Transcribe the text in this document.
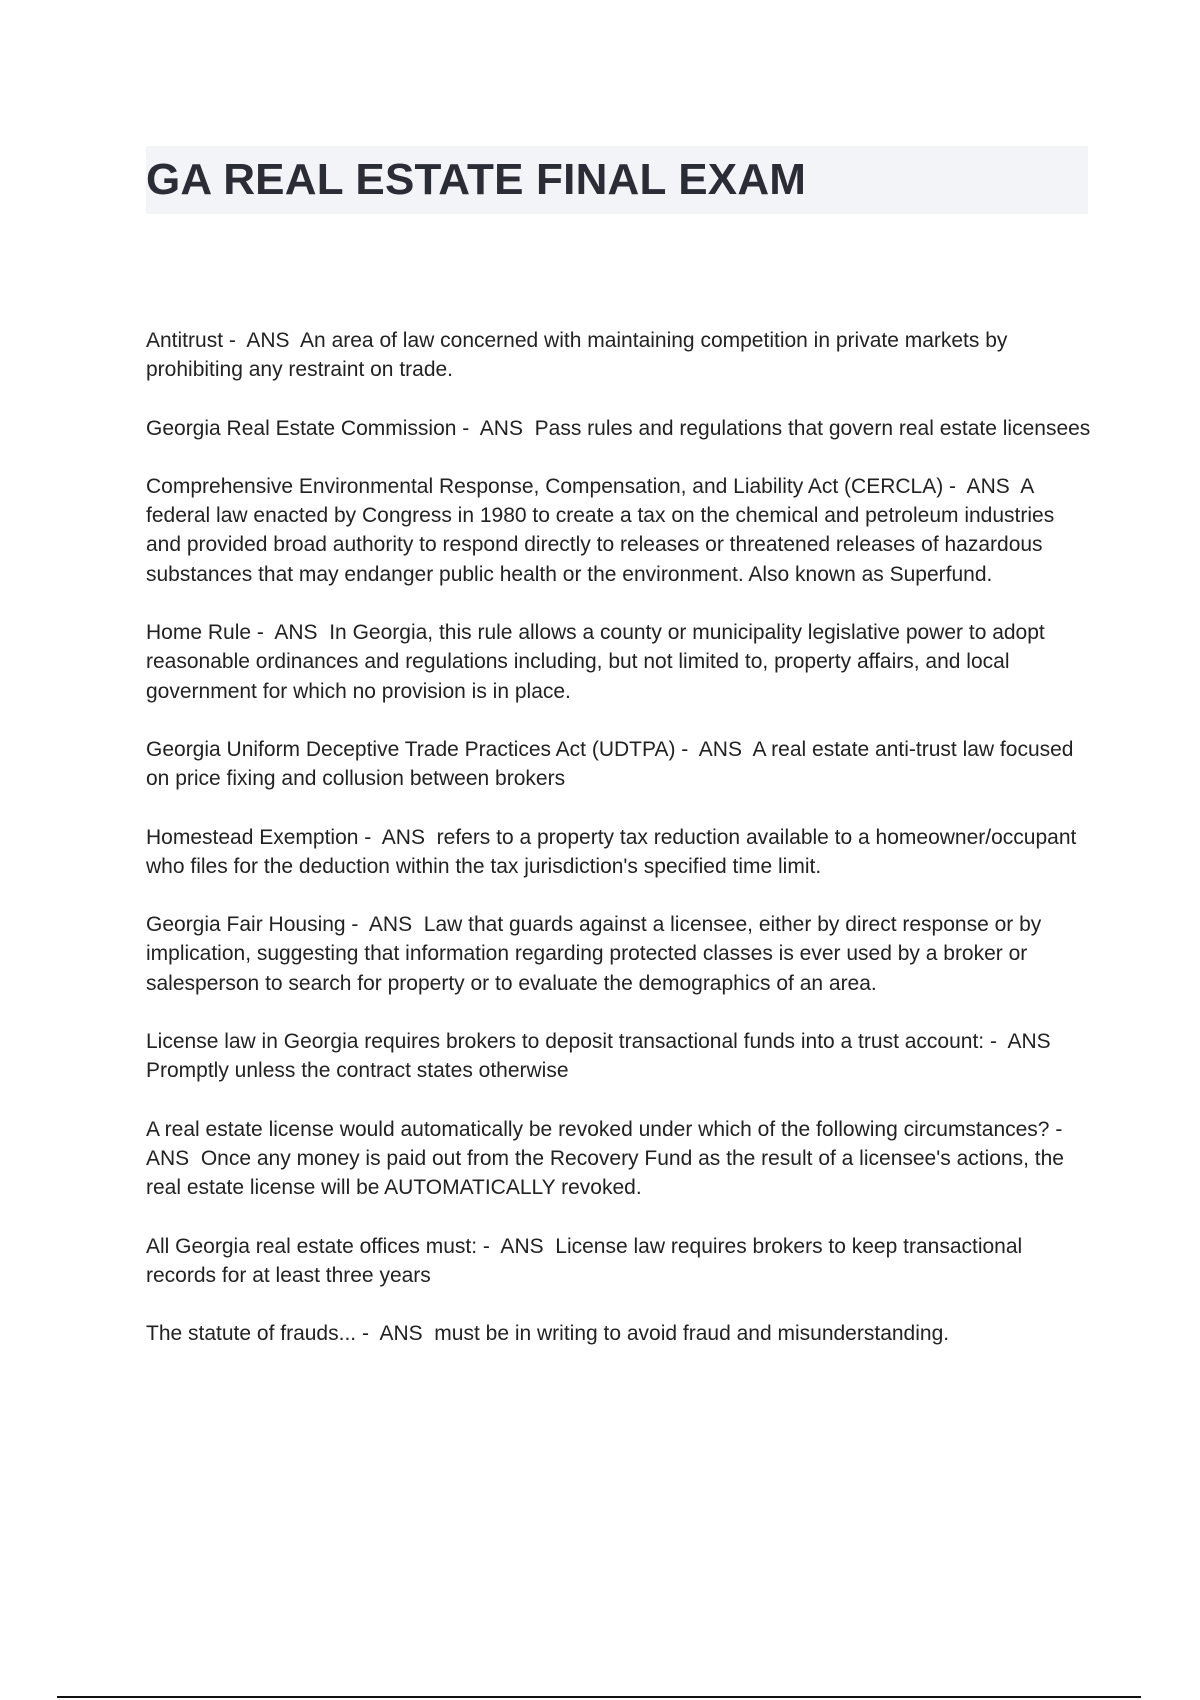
GA REAL ESTATE FINAL EXAM

Antitrust -  ANS  An area of law concerned with maintaining competition in private markets by prohibiting any restraint on trade.

Georgia Real Estate Commission -  ANS  Pass rules and regulations that govern real estate licensees

Comprehensive Environmental Response, Compensation, and Liability Act (CERCLA) -  ANS  A federal law enacted by Congress in 1980 to create a tax on the chemical and petroleum industries and provided broad authority to respond directly to releases or threatened releases of hazardous substances that may endanger public health or the environment. Also known as Superfund.

Home Rule -  ANS  In Georgia, this rule allows a county or municipality legislative power to adopt reasonable ordinances and regulations including, but not limited to, property affairs, and local government for which no provision is in place.

Georgia Uniform Deceptive Trade Practices Act (UDTPA) -  ANS  A real estate anti-trust law focused on price fixing and collusion between brokers

Homestead Exemption -  ANS  refers to a property tax reduction available to a homeowner/occupant who files for the deduction within the tax jurisdiction's specified time limit.

Georgia Fair Housing -  ANS  Law that guards against a licensee, either by direct response or by implication, suggesting that information regarding protected classes is ever used by a broker or salesperson to search for property or to evaluate the demographics of an area.

License law in Georgia requires brokers to deposit transactional funds into a trust account: -  ANS  Promptly unless the contract states otherwise

A real estate license would automatically be revoked under which of the following circumstances? -  ANS  Once any money is paid out from the Recovery Fund as the result of a licensee's actions, the real estate license will be AUTOMATICALLY revoked.

All Georgia real estate offices must: -  ANS  License law requires brokers to keep transactional records for at least three years

The statute of frauds... -  ANS  must be in writing to avoid fraud and misunderstanding.
